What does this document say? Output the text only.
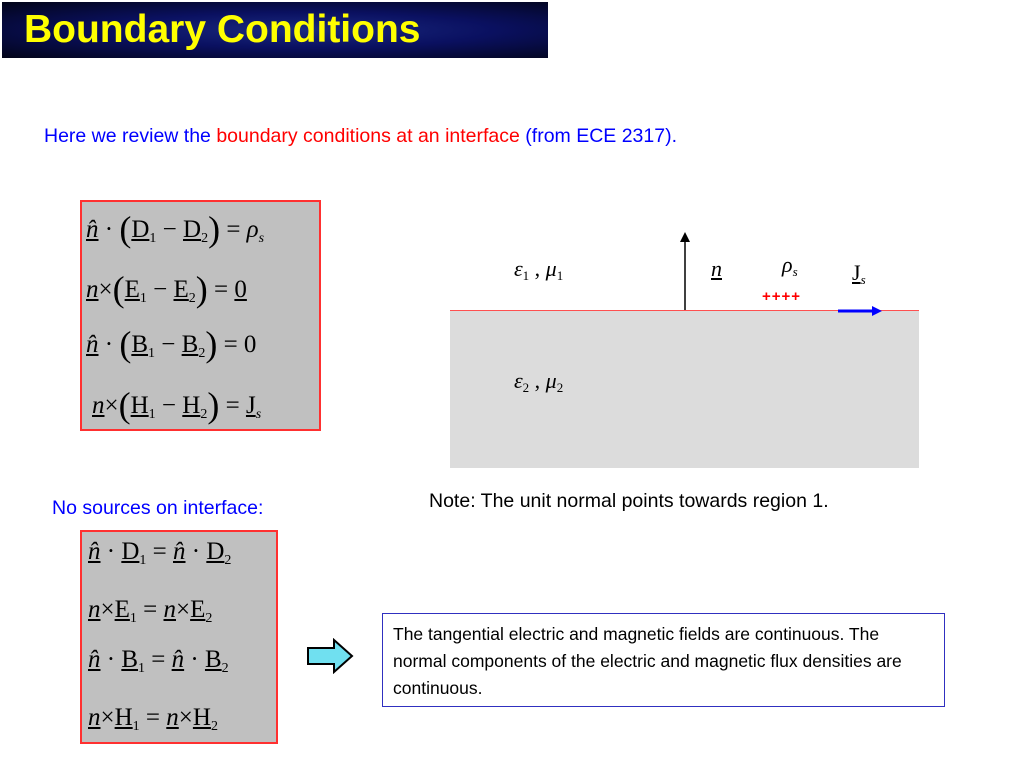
Boundary Conditions
Here we review the boundary conditions at an interface (from ECE 2317).
n̂ · $(D_1 - D_2) = \rho_s$
$n\times(E_1 - E_2) = 0$
n̂ · $(B_1 - B_2) = 0$
$n\times(H_1 - H_2) = J_s$
No sources on interface:
n̂ · $D_1$ = n̂ · $D_2$
$n\times E_1 = n\times E_2$
n̂ · $B_1$ = n̂ · $B_2$
$n\times H_1 = n\times H_2$
$\varepsilon_1$ , $\mu_1$
$\varepsilon_2$ , $\mu_2$
n	$\rho_s$
++++
$J_s$
Note: The unit normal points towards region 1.
The tangential electric and magnetic fields are continuous. The normal components of the electric and magnetic flux densities are continuous.
